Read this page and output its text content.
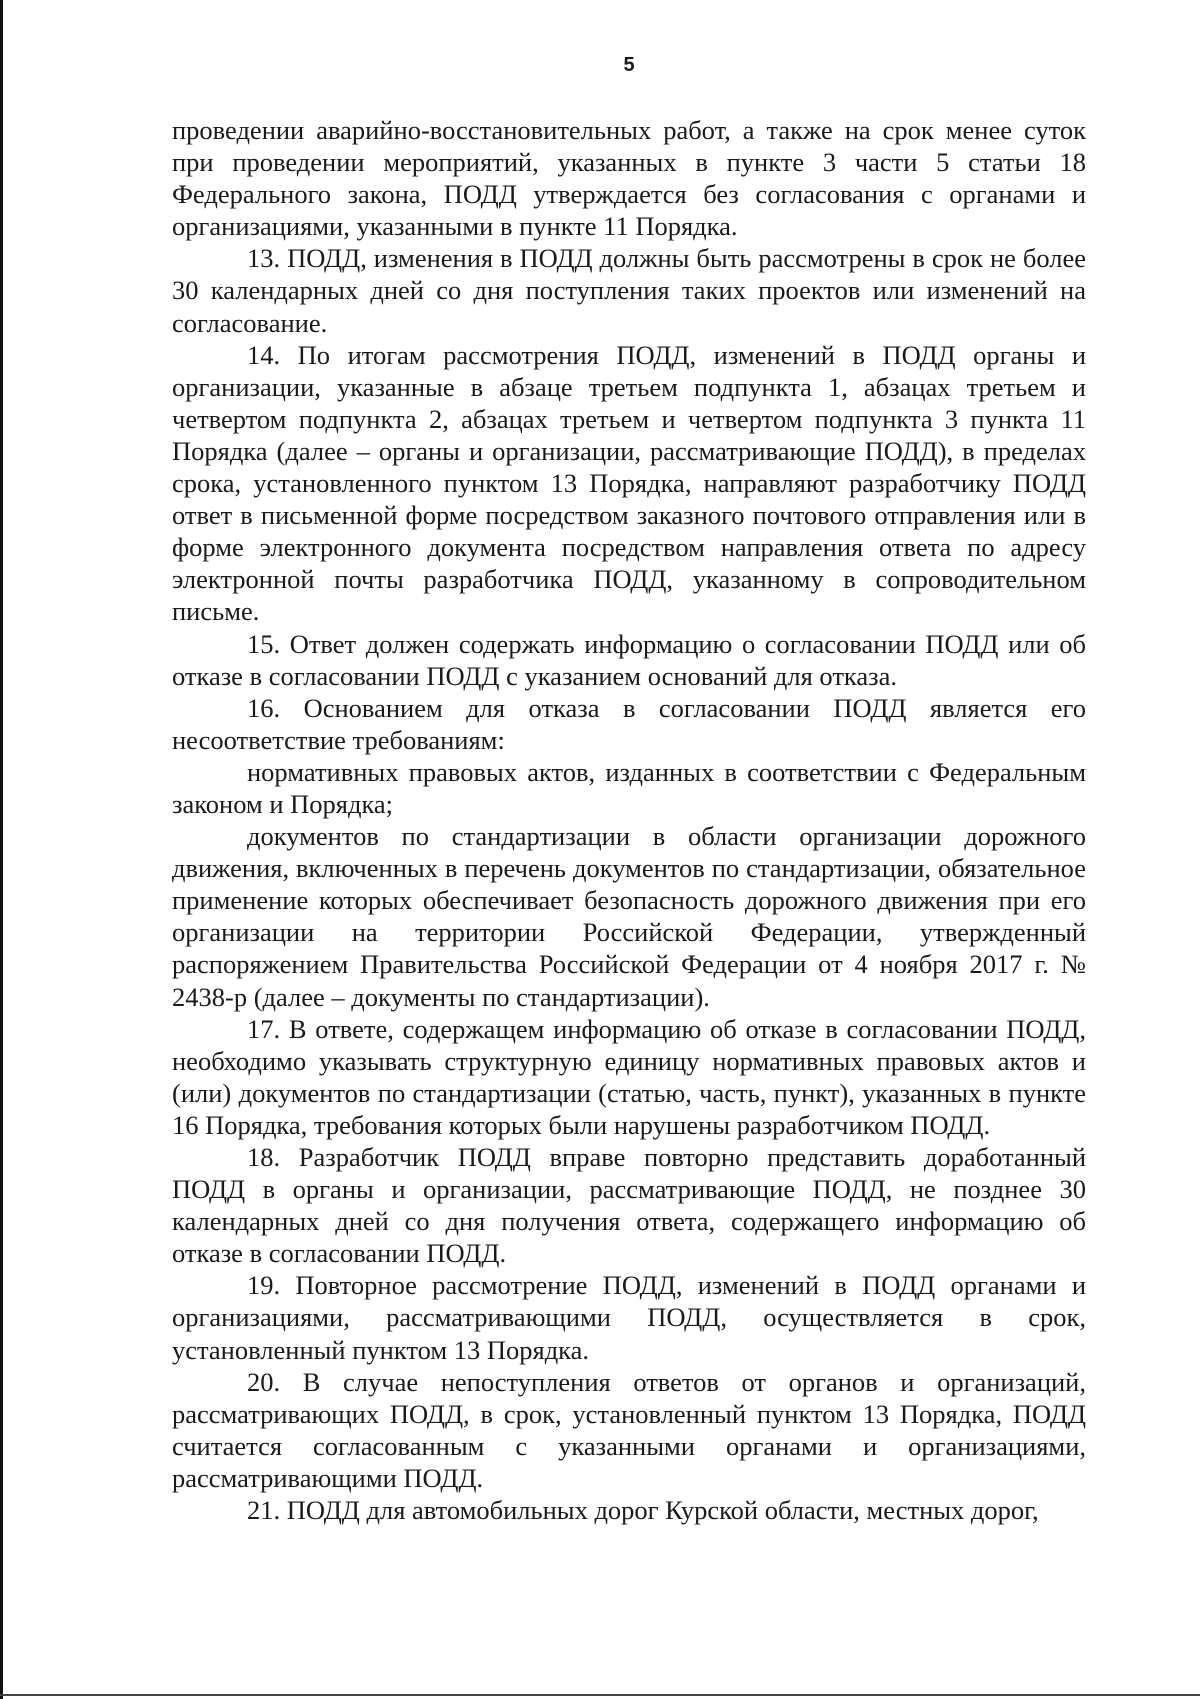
5

проведении аварийно-восстановительных работ, а также на срок менее суток при проведении мероприятий, указанных в пункте 3 части 5 статьи 18 Федерального закона, ПОДД утверждается без согласования с органами и организациями, указанными в пункте 11 Порядка.

13. ПОДД, изменения в ПОДД должны быть рассмотрены в срок не более 30 календарных дней со дня поступления таких проектов или изменений на согласование.

14. По итогам рассмотрения ПОДД, изменений в ПОДД органы и организации, указанные в абзаце третьем подпункта 1, абзацах третьем и четвертом подпункта 2, абзацах третьем и четвертом подпункта 3 пункта 11 Порядка (далее – органы и организации, рассматривающие ПОДД), в пределах срока, установленного пунктом 13 Порядка, направляют разработчику ПОДД ответ в письменной форме посредством заказного почтового отправления или в форме электронного документа посредством направления ответа по адресу электронной почты разработчика ПОДД, указанному в сопроводительном письме.

15. Ответ должен содержать информацию о согласовании ПОДД или об отказе в согласовании ПОДД с указанием оснований для отказа.

16. Основанием для отказа в согласовании ПОДД является его несоответствие требованиям:

нормативных правовых актов, изданных в соответствии с Федеральным законом и Порядка;

документов по стандартизации в области организации дорожного движения, включенных в перечень документов по стандартизации, обязательное применение которых обеспечивает безопасность дорожного движения при его организации на территории Российской Федерации, утвержденный распоряжением Правительства Российской Федерации от 4 ноября 2017 г. № 2438-р (далее – документы по стандартизации).

17. В ответе, содержащем информацию об отказе в согласовании ПОДД, необходимо указывать структурную единицу нормативных правовых актов и (или) документов по стандартизации (статью, часть, пункт), указанных в пункте 16 Порядка, требования которых были нарушены разработчиком ПОДД.

18. Разработчик ПОДД вправе повторно представить доработанный ПОДД в органы и организации, рассматривающие ПОДД, не позднее 30 календарных дней со дня получения ответа, содержащего информацию об отказе в согласовании ПОДД.

19. Повторное рассмотрение ПОДД, изменений в ПОДД органами и организациями, рассматривающими ПОДД, осуществляется в срок, установленный пунктом 13 Порядка.

20. В случае непоступления ответов от органов и организаций, рассматривающих ПОДД, в срок, установленный пунктом 13 Порядка, ПОДД считается согласованным с указанными органами и организациями, рассматривающими ПОДД.

21. ПОДД для автомобильных дорог Курской области, местных дорог,
